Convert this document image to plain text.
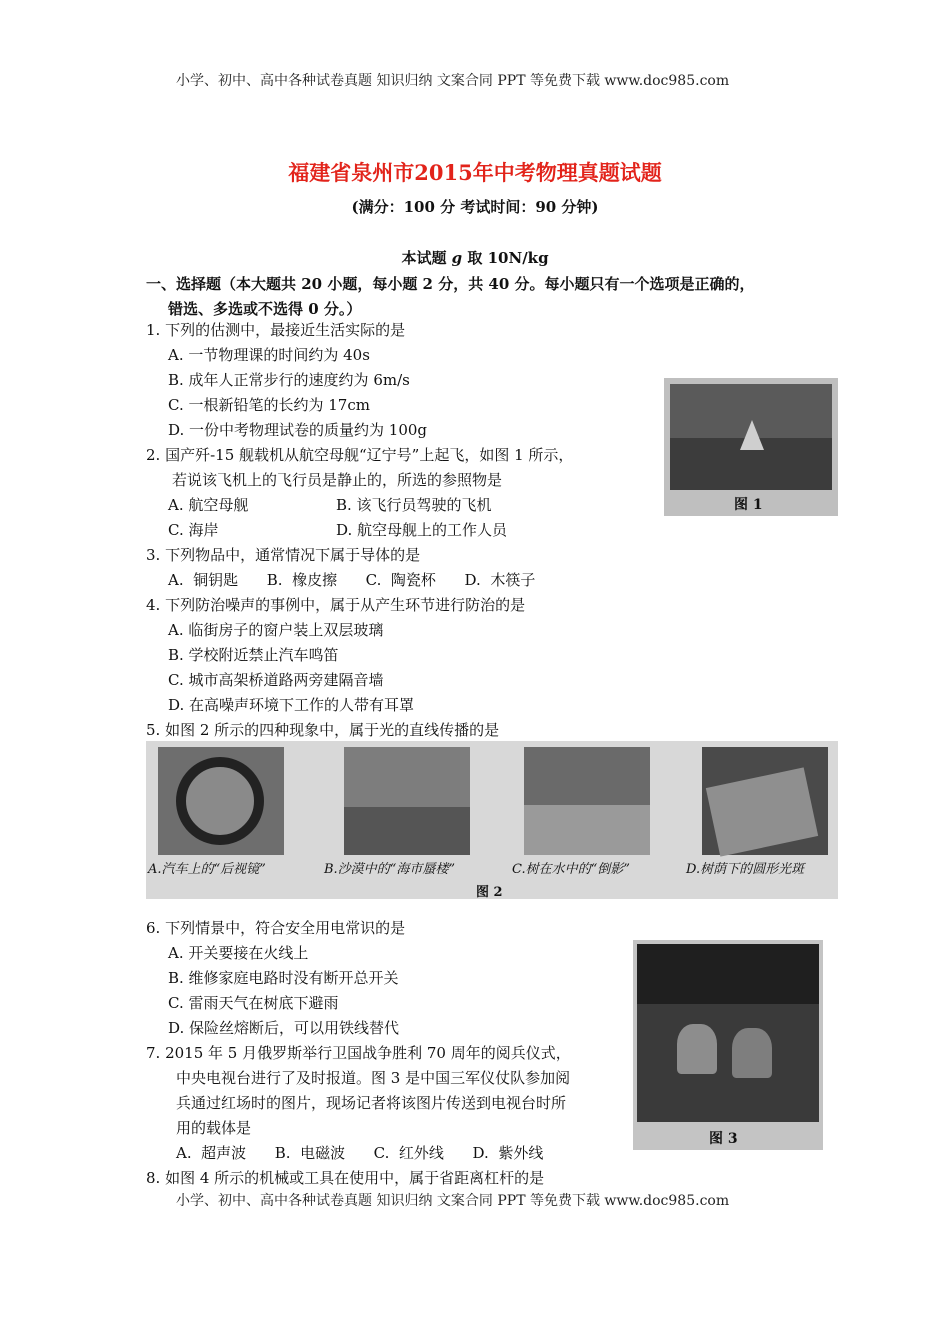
小学、初中、高中各种试卷真题 知识归纳 文案合同 PPT 等免费下载 www.doc985.com
福建省泉州市2015年中考物理真题试题
(满分：100 分 考试时间：90 分钟)
本试题 g 取 10N/kg
一、选择题（本大题共 20 小题，每小题 2 分，共 40 分。每小题只有一个选项是正确的，
错选、多选或不选得 0 分。）
1. 下列的估测中，最接近生活实际的是
A. 一节物理课的时间约为 40s
B. 成年人正常步行的速度约为 6m/s
C. 一根新铅笔的长约为 17cm
D. 一份中考物理试卷的质量约为 100g
图 1
2. 国产歼-15 舰载机从航空母舰“辽宁号”上起飞，如图 1 所示，
若说该飞机上的飞行员是静止的，所选的参照物是
A. 航空母舰	B. 该飞行员驾驶的飞机
C. 海岸	D. 航空母舰上的工作人员
3. 下列物品中，通常情况下属于导体的是
A.  铜钥匙      B.  橡皮擦      C.  陶瓷杯      D.  木筷子
4. 下列防治噪声的事例中，属于从产生环节进行防治的是
A. 临街房子的窗户装上双层玻璃
B. 学校附近禁止汽车鸣笛
C. 城市高架桥道路两旁建隔音墙
D. 在高噪声环境下工作的人带有耳罩
5. 如图 2 所示的四种现象中，属于光的直线传播的是
A.汽车上的“后视镜”	B.沙漠中的“海市蜃楼”	C.树在水中的“倒影”	D.树荫下的圆形光斑
图 2
6. 下列情景中，符合安全用电常识的是
A. 开关要接在火线上
B. 维修家庭电路时没有断开总开关
C. 雷雨天气在树底下避雨
D. 保险丝熔断后，可以用铁线替代
图 3
7. 2015 年 5 月俄罗斯举行卫国战争胜利 70 周年的阅兵仪式，
中央电视台进行了及时报道。图 3 是中国三军仪仗队参加阅
兵通过红场时的图片，现场记者将该图片传送到电视台时所
用的载体是
A.  超声波      B.  电磁波      C.  红外线      D.  紫外线
8. 如图 4 所示的机械或工具在使用中，属于省距离杠杆的是
小学、初中、高中各种试卷真题 知识归纳 文案合同 PPT 等免费下载 www.doc985.com
